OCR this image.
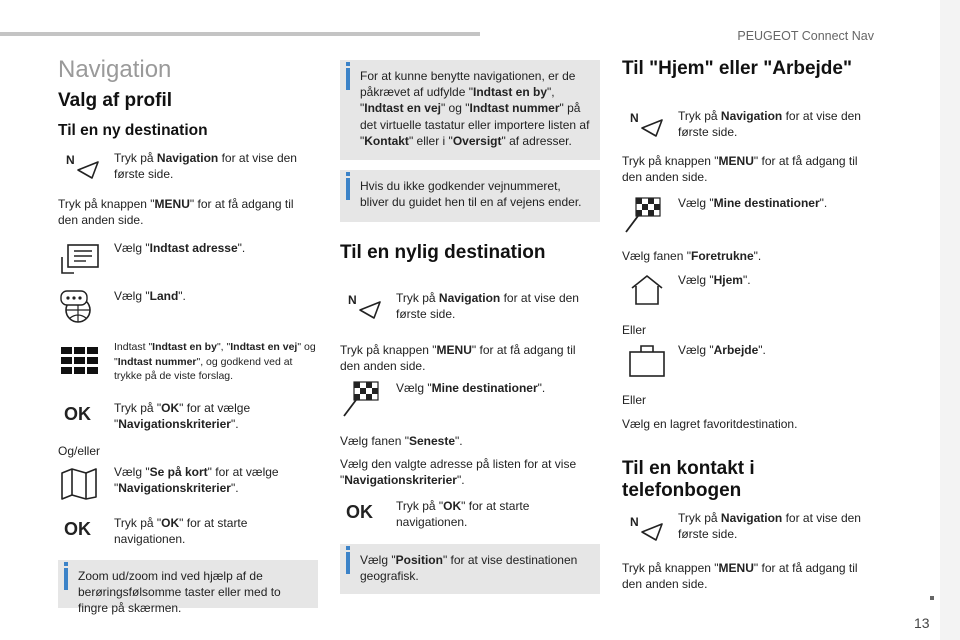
PEUGEOT Connect Nav
13
Navigation
Valg af profil
Til en ny destination
N	Tryk på Navigation for at vise den første side.
Tryk på knappen "MENU" for at få adgang til den anden side.
Vælg "Indtast adresse".
Vælg "Land".
Indtast "Indtast en by", "Indtast en vej" og "Indtast nummer", og godkend ved at trykke på de viste forslag.
OK Tryk på "OK" for at vælge "Navigationskriterier".
Og/eller
Vælg "Se på kort" for at vælge "Navigationskriterier".
OK Tryk på "OK" for at starte navigationen.
Zoom ud/zoom ind ved hjælp af de berøringsfølsomme taster eller med to fingre på skærmen.
For at kunne benytte navigationen, er de påkrævet af udfylde "Indtast en by", "Indtast en vej" og "Indtast nummer" på det virtuelle tastatur eller importere listen af "Kontakt" eller i "Oversigt" af adresser.
Hvis du ikke godkender vejnummeret, bliver du guidet hen til en af vejens ender.
Til en nylig destination
N	Tryk på Navigation for at vise den første side.
Tryk på knappen "MENU" for at få adgang til den anden side.
Vælg "Mine destinationer".
Vælg fanen "Seneste".
Vælg den valgte adresse på listen for at vise "Navigationskriterier".
OK Tryk på "OK" for at starte navigationen.
Vælg "Position" for at vise destinationen geografisk.
Til "Hjem" eller "Arbejde"
N	Tryk på Navigation for at vise den første side.
Tryk på knappen "MENU" for at få adgang til den anden side.
Vælg "Mine destinationer".
Vælg fanen "Foretrukne".
Vælg "Hjem".
Eller
Vælg "Arbejde".
Eller
Vælg en lagret favoritdestination.
Til en kontakt i telefonbogen
N	Tryk på Navigation for at vise den første side.
Tryk på knappen "MENU" for at få adgang til den anden side.
